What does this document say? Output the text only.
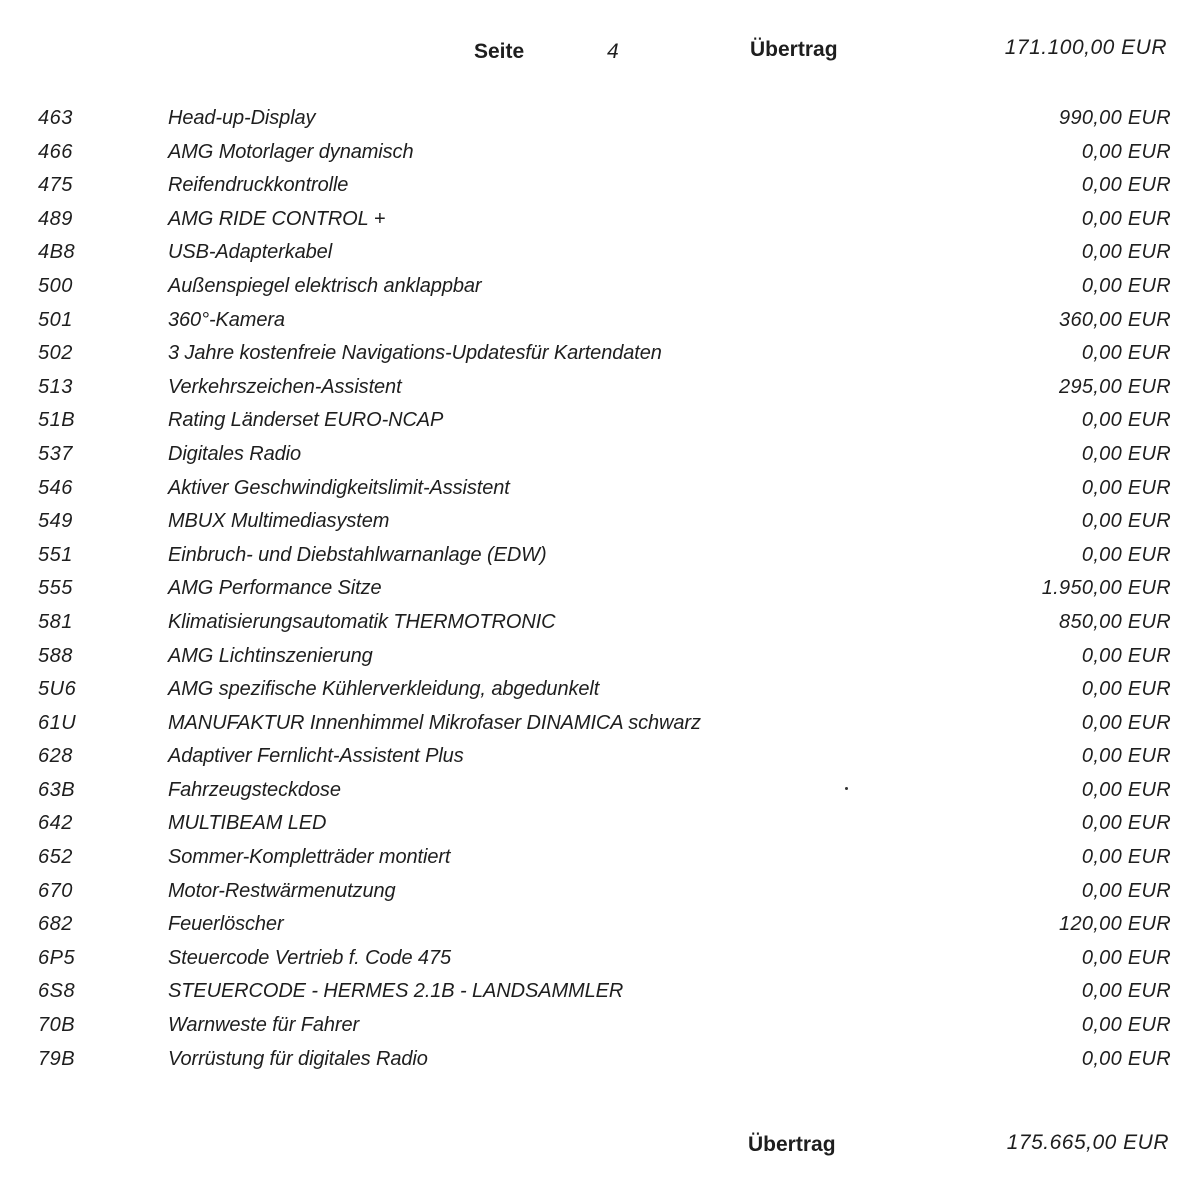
Seite	4	Übertrag	171.100,00 EUR
463	Head-up-Display	990,00 EUR
466	AMG Motorlager dynamisch	0,00 EUR
475	Reifendruckkontrolle	0,00 EUR
489	AMG RIDE CONTROL +	0,00 EUR
4B8	USB-Adapterkabel	0,00 EUR
500	Außenspiegel elektrisch anklappbar	0,00 EUR
501	360°-Kamera	360,00 EUR
502	3 Jahre kostenfreie Navigations-Updatesfür Kartendaten	0,00 EUR
513	Verkehrszeichen-Assistent	295,00 EUR
51B	Rating Länderset EURO-NCAP	0,00 EUR
537	Digitales Radio	0,00 EUR
546	Aktiver Geschwindigkeitslimit-Assistent	0,00 EUR
549	MBUX Multimediasystem	0,00 EUR
551	Einbruch- und Diebstahlwarnanlage (EDW)	0,00 EUR
555	AMG Performance Sitze	1.950,00 EUR
581	Klimatisierungsautomatik THERMOTRONIC	850,00 EUR
588	AMG Lichtinszenierung	0,00 EUR
5U6	AMG spezifische Kühlerverkleidung, abgedunkelt	0,00 EUR
61U	MANUFAKTUR Innenhimmel Mikrofaser DINAMICA schwarz	0,00 EUR
628	Adaptiver Fernlicht-Assistent Plus	0,00 EUR
63B	Fahrzeugsteckdose	0,00 EUR
642	MULTIBEAM LED	0,00 EUR
652	Sommer-Kompletträder montiert	0,00 EUR
670	Motor-Restwärmenutzung	0,00 EUR
682	Feuerlöscher	120,00 EUR
6P5	Steuercode Vertrieb f. Code 475	0,00 EUR
6S8	STEUERCODE - HERMES 2.1B - LANDSAMMLER	0,00 EUR
70B	Warnweste für Fahrer	0,00 EUR
79B	Vorrüstung für digitales Radio	0,00 EUR
Übertrag	175.665,00 EUR
